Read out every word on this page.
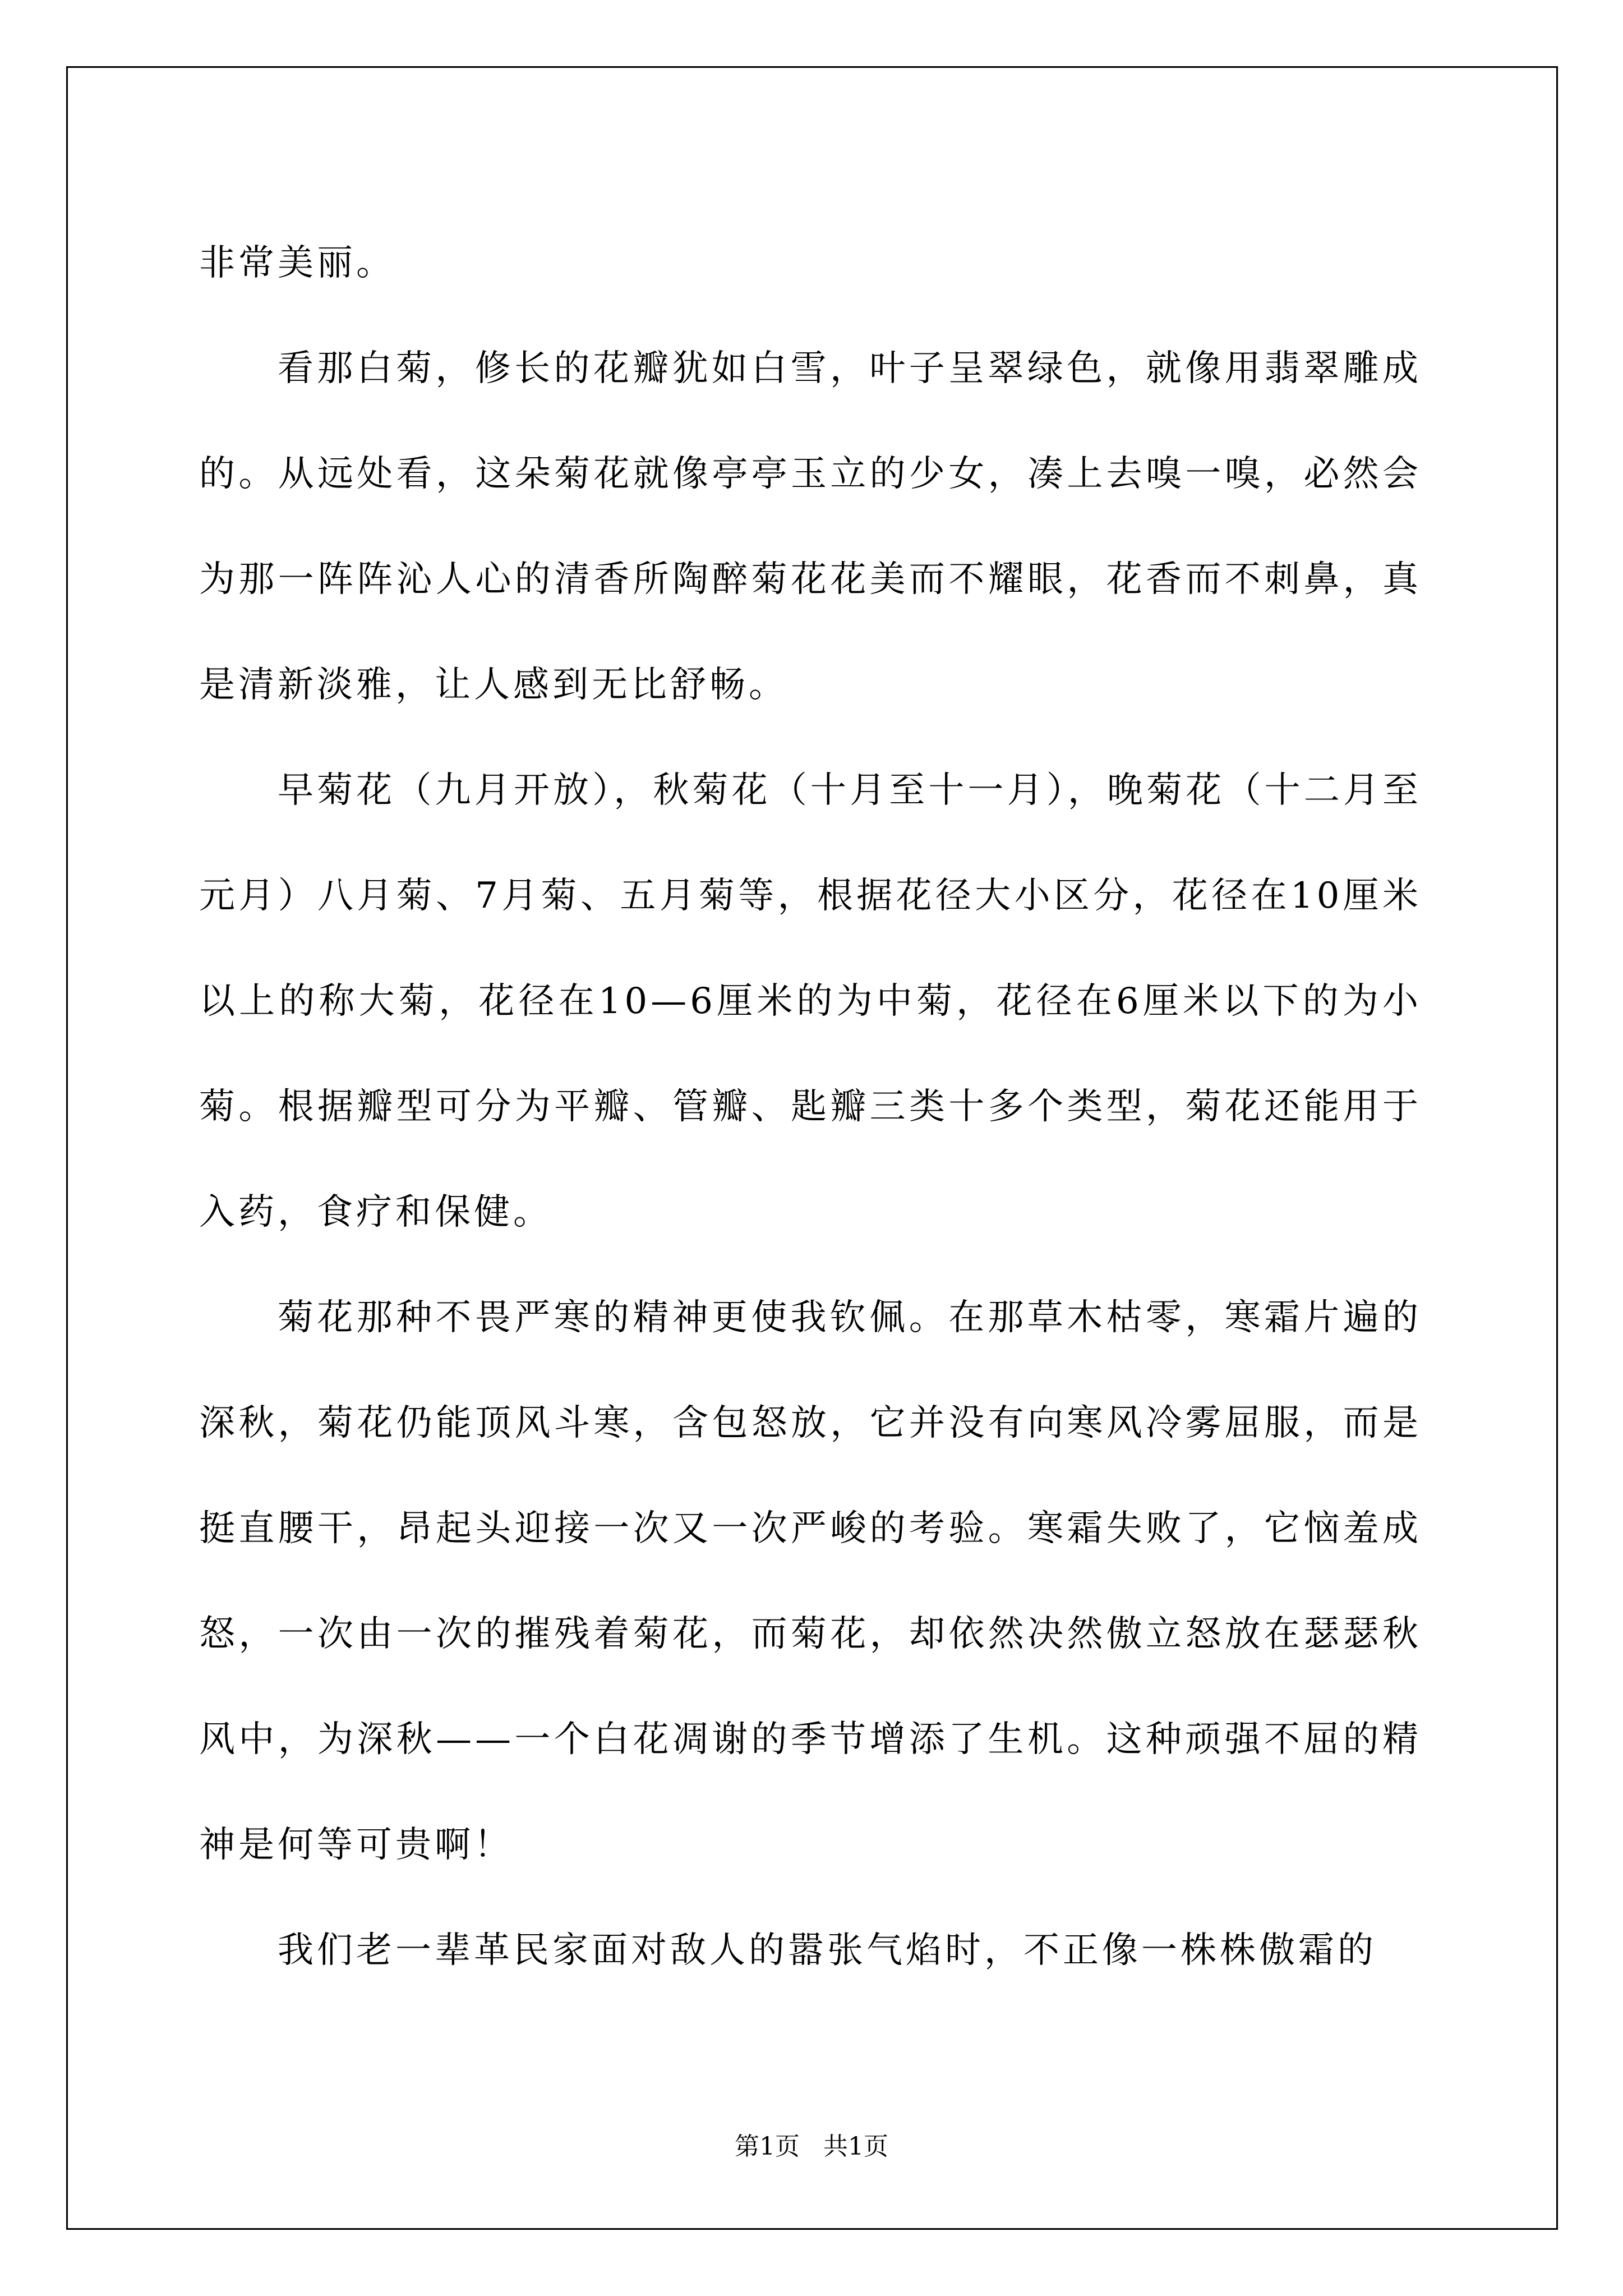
非常美丽。

看那白菊，修长的花瓣犹如白雪，叶子呈翠绿色，就像用翡翠雕成的。从远处看，这朵菊花就像亭亭玉立的少女，凑上去嗅一嗅，必然会为那一阵阵沁人心的清香所陶醉菊花花美而不耀眼，花香而不刺鼻，真是清新淡雅，让人感到无比舒畅。

早菊花（九月开放），秋菊花（十月至十一月），晚菊花（十二月至元月）八月菊、7月菊、五月菊等，根据花径大小区分，花径在10厘米以上的称大菊，花径在10—6厘米的为中菊，花径在6厘米以下的为小菊。根据瓣型可分为平瓣、管瓣、匙瓣三类十多个类型，菊花还能用于入药，食疗和保健。

菊花那种不畏严寒的精神更使我钦佩。在那草木枯零，寒霜片遍的深秋，菊花仍能顶风斗寒，含包怒放，它并没有向寒风冷雾屈服，而是挺直腰干，昂起头迎接一次又一次严峻的考验。寒霜失败了，它恼羞成怒，一次由一次的摧残着菊花，而菊花，却依然决然傲立怒放在瑟瑟秋风中，为深秋——一个白花凋谢的季节增添了生机。这种顽强不屈的精神是何等可贵啊！

我们老一辈革民家面对敌人的嚣张气焰时，不正像一株株傲霜的

第1页   共1页
